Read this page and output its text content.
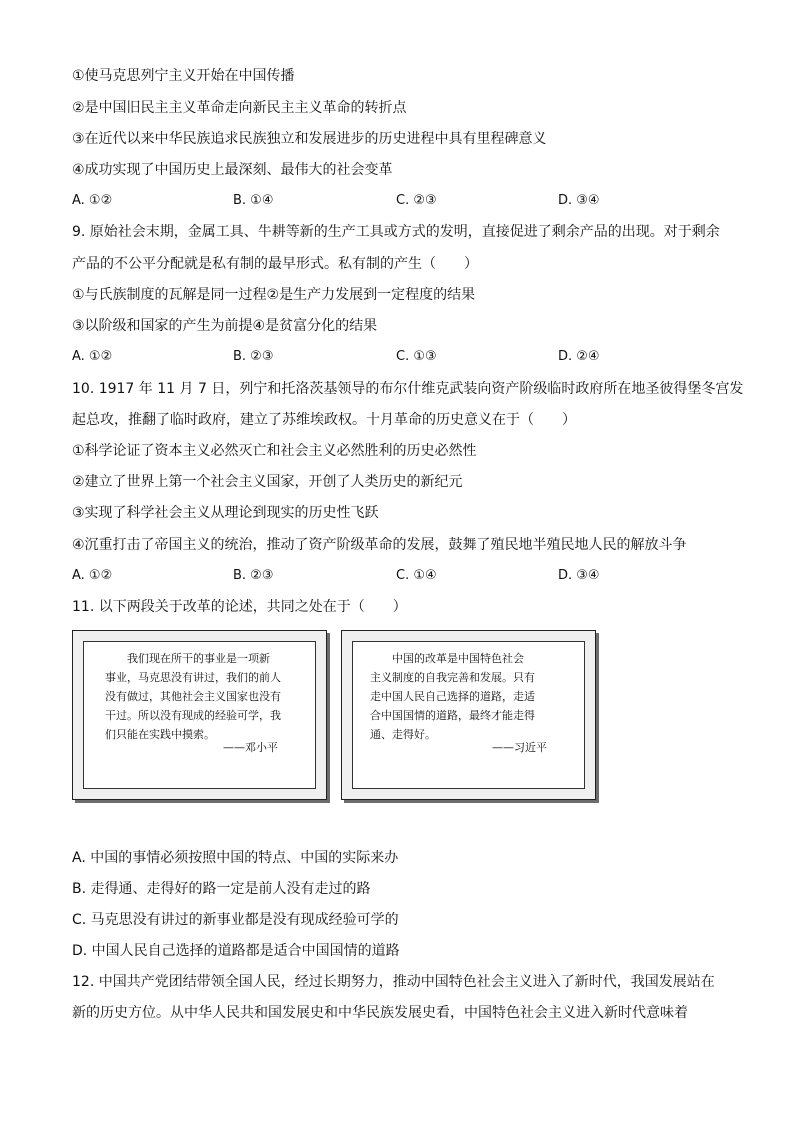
①使马克思列宁主义开始在中国传播
②是中国旧民主主义革命走向新民主主义革命的转折点
③在近代以来中华民族追求民族独立和发展进步的历史进程中具有里程碑意义
④成功实现了中国历史上最深刻、最伟大的社会变革
A. ①②	B. ①④	C. ②③	D. ③④
9. 原始社会末期，金属工具、牛耕等新的生产工具或方式的发明，直接促进了剩余产品的出现。对于剩余
产品的不公平分配就是私有制的最早形式。私有制的产生（　　）
①与氏族制度的瓦解是同一过程②是生产力发展到一定程度的结果
③以阶级和国家的产生为前提④是贫富分化的结果
A. ①②	B. ②③	C. ①③	D. ②④
10. 1917 年 11 月 7 日，列宁和托洛茨基领导的布尔什维克武装向资产阶级临时政府所在地圣彼得堡冬宫发
起总攻，推翻了临时政府，建立了苏维埃政权。十月革命的历史意义在于（　　）
①科学论证了资本主义必然灭亡和社会主义必然胜利的历史必然性
②建立了世界上第一个社会主义国家，开创了人类历史的新纪元
③实现了科学社会主义从理论到现实的历史性飞跃
④沉重打击了帝国主义的统治，推动了资产阶级革命的发展，鼓舞了殖民地半殖民地人民的解放斗争
A. ①②	B. ②③	C. ①④	D. ③④
11. 以下两段关于改革的论述，共同之处在于（　　）
　　我们现在所干的事业是一项新
事业，马克思没有讲过，我们的前人
没有做过，其他社会主义国家也没有
干过。所以没有现成的经验可学，我
们只能在实践中摸索。
——邓小平
　　中国的改革是中国特色社会
主义制度的自我完善和发展。只有
走中国人民自己选择的道路，走适
合中国国情的道路，最终才能走得
通、走得好。
——习近平
A. 中国的事情必须按照中国的特点、中国的实际来办
B. 走得通、走得好的路一定是前人没有走过的路
C. 马克思没有讲过的新事业都是没有现成经验可学的
D. 中国人民自己选择的道路都是适合中国国情的道路
12. 中国共产党团结带领全国人民，经过长期努力，推动中国特色社会主义进入了新时代，我国发展站在
新的历史方位。从中华人民共和国发展史和中华民族发展史看，中国特色社会主义进入新时代意味着
